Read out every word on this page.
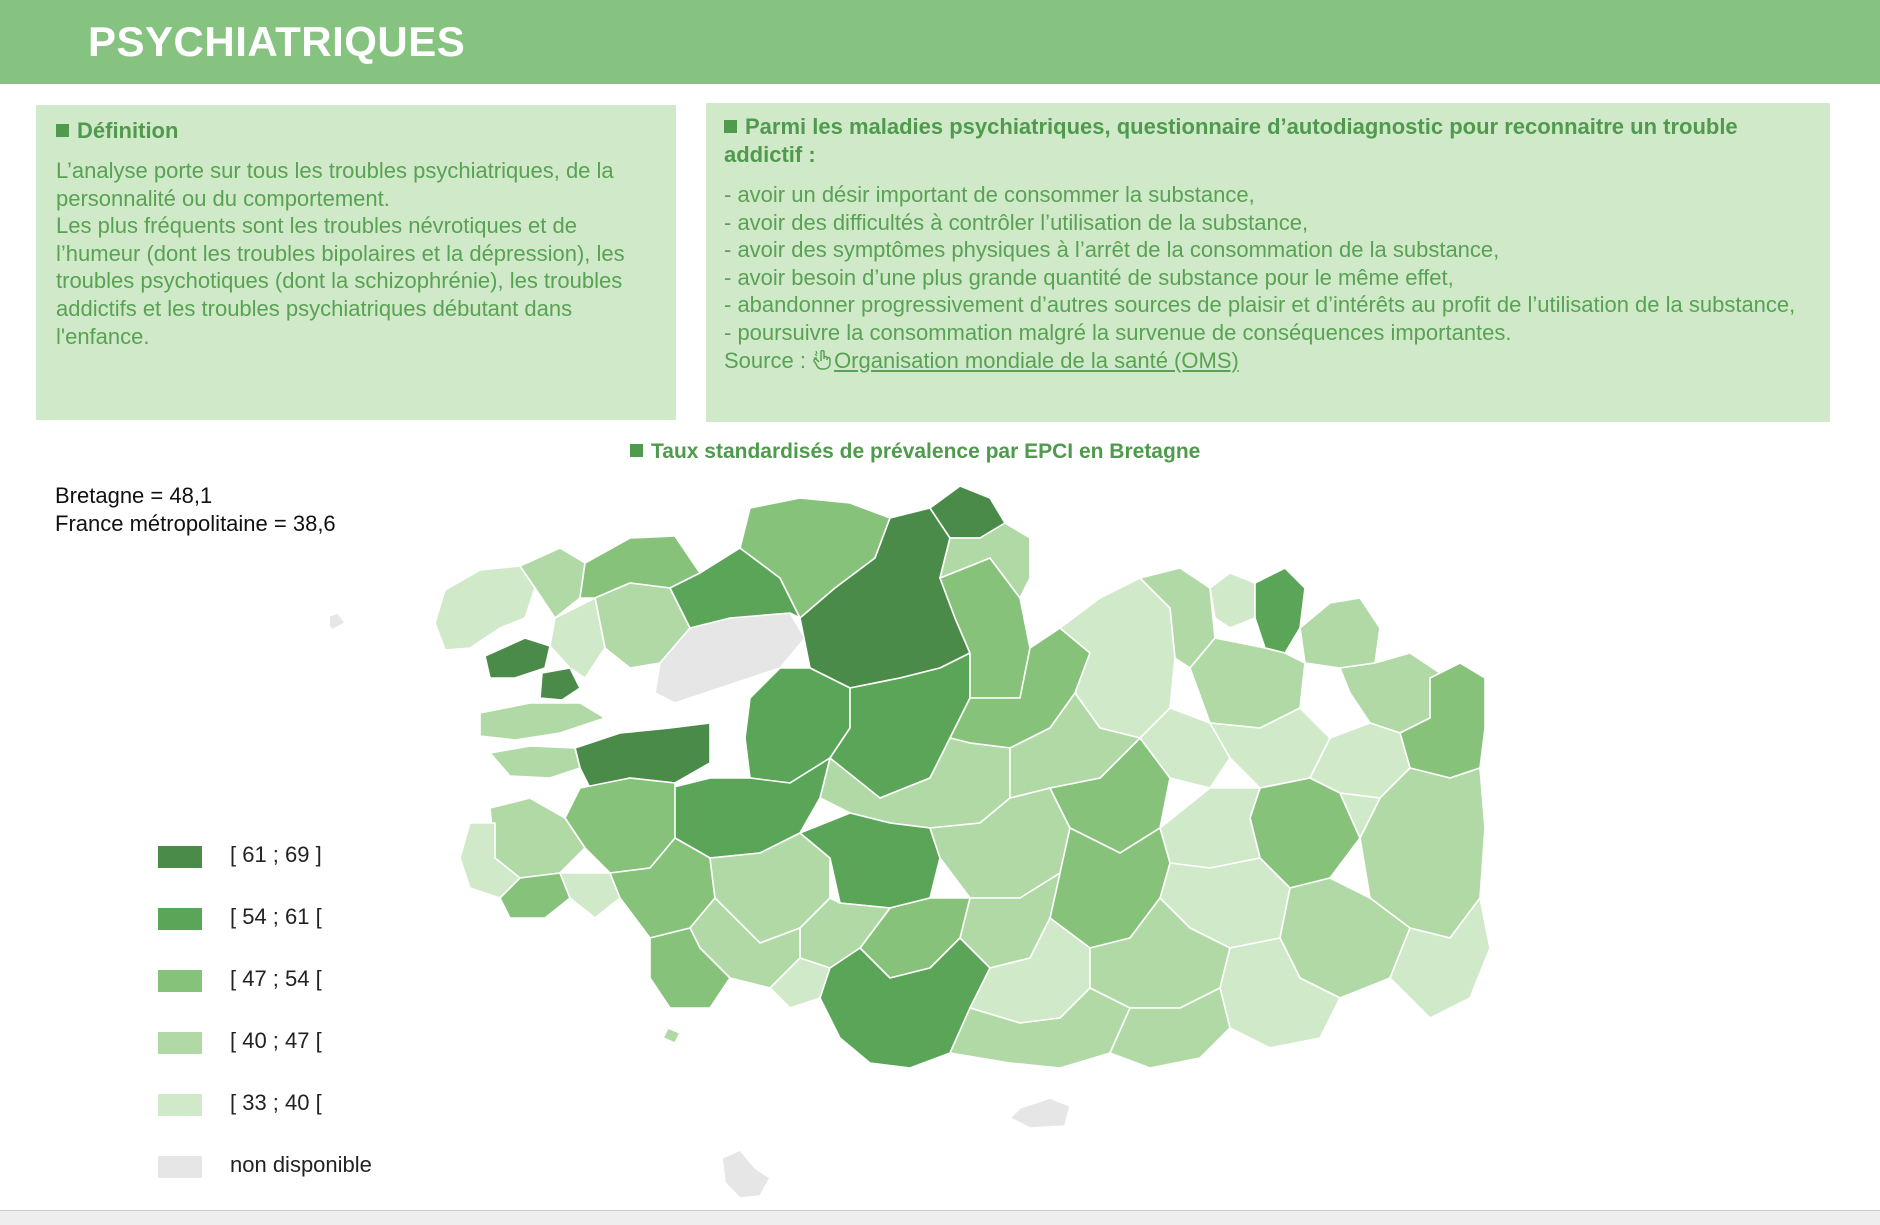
PSYCHIATRIQUES
Définition

L’analyse porte sur tous les troubles psychiatriques, de la personnalité ou du comportement.

Les plus fréquents sont les troubles névrotiques et de l’humeur (dont les troubles bipolaires et la dépression), les troubles psychotiques (dont la schizophrénie), les troubles addictifs et les troubles psychiatriques débutant dans l'enfance.

Parmi les maladies psychiatriques, questionnaire d’autodiagnostic pour reconnaitre un trouble addictif :
- avoir un désir important de consommer la substance,
- avoir des difficultés à contrôler l’utilisation de la substance,
- avoir des symptômes physiques à l’arrêt de la consommation de la substance,
- avoir besoin d’une plus grande quantité de substance pour le même effet,
- abandonner progressivement d’autres sources de plaisir et d’intérêts au profit de l’utilisation de la substance,
- poursuivre la consommation malgré la survenue de conséquences importantes.
Source : Organisation mondiale de la santé (OMS)
Taux standardisés de prévalence par EPCI en Bretagne
Bretagne = 48,1
France métropolitaine = 38,6
[ 61 ; 69 ]
[ 54 ; 61 [
[ 47 ; 54 [
[ 40 ; 47 [
[ 33 ; 40 [
non disponible
